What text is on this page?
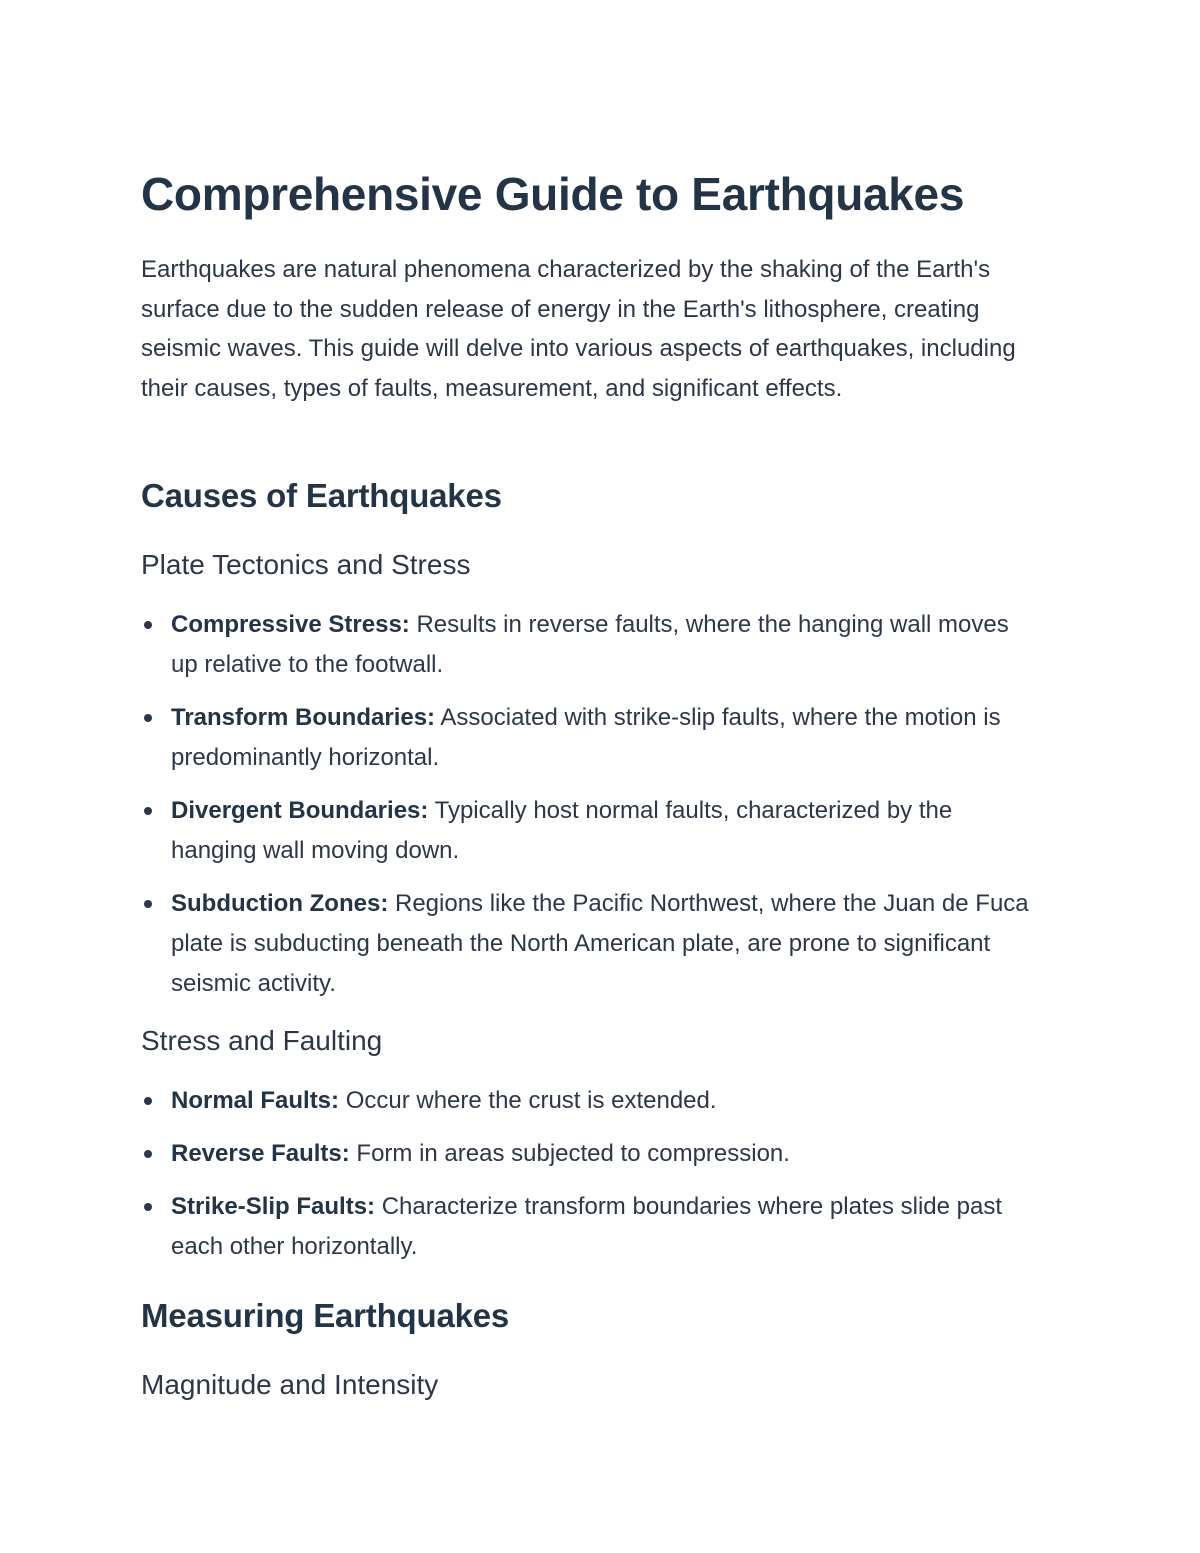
Comprehensive Guide to Earthquakes

Earthquakes are natural phenomena characterized by the shaking of the Earth's surface due to the sudden release of energy in the Earth's lithosphere, creating seismic waves. This guide will delve into various aspects of earthquakes, including their causes, types of faults, measurement, and significant effects.

Causes of Earthquakes
Plate Tectonics and Stress
Compressive Stress: Results in reverse faults, where the hanging wall moves up relative to the footwall.
Transform Boundaries: Associated with strike-slip faults, where the motion is predominantly horizontal.
Divergent Boundaries: Typically host normal faults, characterized by the hanging wall moving down.
Subduction Zones: Regions like the Pacific Northwest, where the Juan de Fuca plate is subducting beneath the North American plate, are prone to significant seismic activity.
Stress and Faulting
Normal Faults: Occur where the crust is extended.
Reverse Faults: Form in areas subjected to compression.
Strike-Slip Faults: Characterize transform boundaries where plates slide past each other horizontally.
Measuring Earthquakes
Magnitude and Intensity
